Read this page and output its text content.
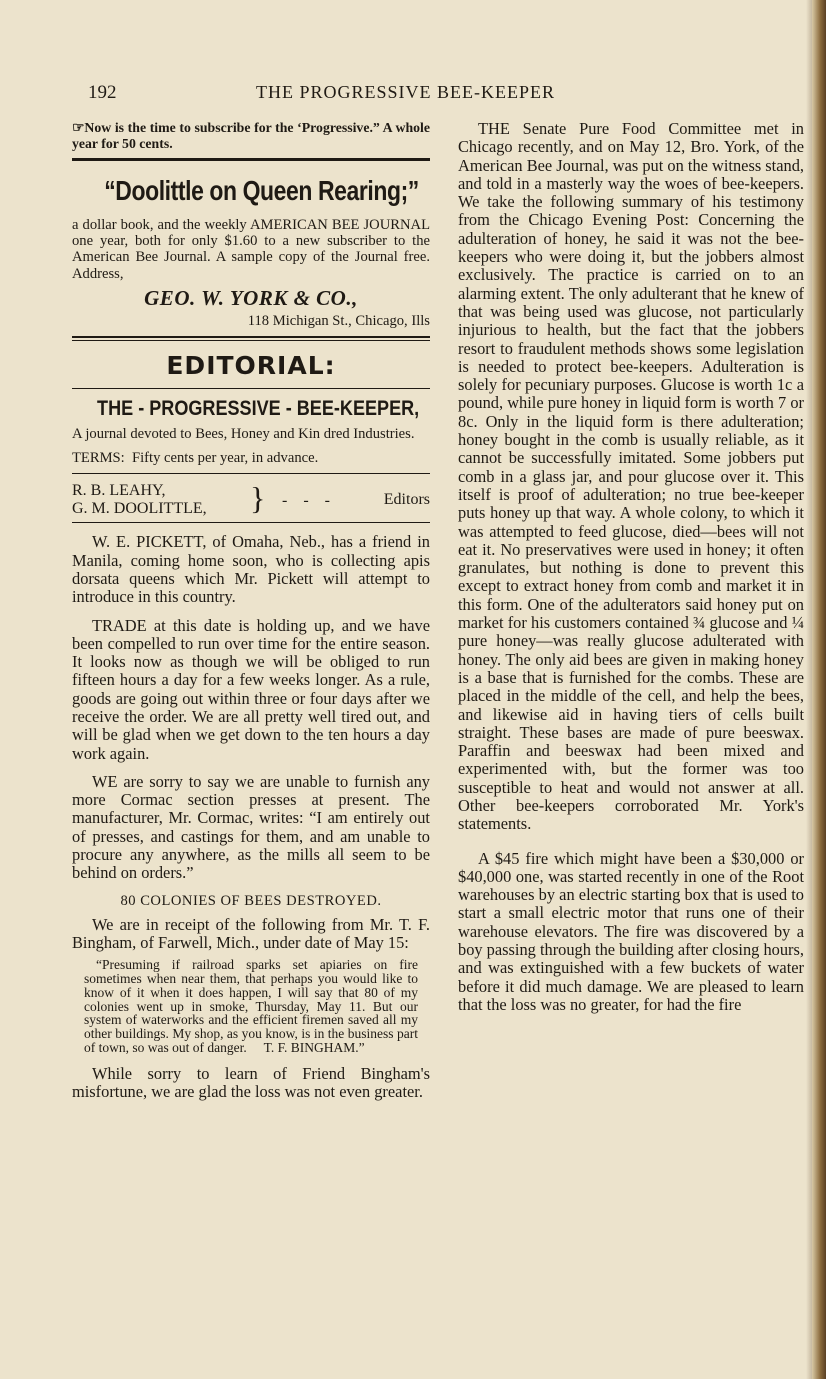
192	THE PROGRESSIVE BEE-KEEPER

☞Now is the time to subscribe for the ‘Progressive.” A whole year for 50 cents.

“Doolittle on Queen Rearing;”

a dollar book, and the weekly AMERICAN BEE JOURNAL one year, both for only $1.60 to a new subscriber to the American Bee Journal. A sample copy of the Journal free. Address,

GEO. W. YORK & CO.,
118 Michigan St., Chicago, Ills
EDITORIAL:
THE - PROGRESSIVE - BEE-KEEPER,

A journal devoted to Bees, Honey and Kin dred Industries.

TERMS: Fifty cents per year, in advance.

R. B. LEAHY,
G. M. DOOLITTLE, } - - -	Editors

W. E. PICKETT, of Omaha, Neb., has a friend in Manila, coming home soon, who is collecting apis dorsata queens which Mr. Pickett will attempt to introduce in this country.

TRADE at this date is holding up, and we have been compelled to run over time for the entire season. It looks now as though we will be obliged to run fifteen hours a day for a few weeks longer. As a rule, goods are going out within three or four days after we receive the order. We are all pretty well tired out, and will be glad when we get down to the ten hours a day work again.

WE are sorry to say we are unable to furnish any more Cormac section presses at present. The manufacturer, Mr. Cormac, writes: “I am entirely out of presses, and castings for them, and am unable to procure any anywhere, as the mills all seem to be behind on orders.”

80 COLONIES OF BEES DESTROYED.

We are in receipt of the following from Mr. T. F. Bingham, of Farwell, Mich., under date of May 15:

“Presuming if railroad sparks set apiaries on fire sometimes when near them, that perhaps you would like to know of it when it does happen, I will say that 80 of my colonies went up in smoke, Thursday, May 11. But our system of waterworks and the efficient firemen saved all my other buildings. My shop, as you know, is in the business part of town, so was out of danger. T. F. BINGHAM.”

While sorry to learn of Friend Bingham's misfortune, we are glad the loss was not even greater.

THE Senate Pure Food Committee met in Chicago recently, and on May 12, Bro. York, of the American Bee Journal, was put on the witness stand, and told in a masterly way the woes of bee-keepers. We take the following summary of his testimony from the Chicago Evening Post: Concerning the adulteration of honey, he said it was not the bee-keepers who were doing it, but the jobbers almost exclusively. The practice is carried on to an alarming extent. The only adulterant that he knew of that was being used was glucose, not particularly injurious to health, but the fact that the jobbers resort to fraudulent methods shows some legislation is needed to protect bee-keepers. Adulteration is solely for pecuniary purposes. Glucose is worth 1c a pound, while pure honey in liquid form is worth 7 or 8c. Only in the liquid form is there adulteration; honey bought in the comb is usually reliable, as it cannot be successfully imitated. Some jobbers put comb in a glass jar, and pour glucose over it. This itself is proof of adulteration; no true bee-keeper puts honey up that way. A whole colony, to which it was attempted to feed glucose, died—bees will not eat it. No preservatives were used in honey; it often granulates, but nothing is done to prevent this except to extract honey from comb and market it in this form. One of the adulterators said honey put on market for his customers contained ¾ glucose and ¼ pure honey—was really glucose adulterated with honey. The only aid bees are given in making honey is a base that is furnished for the combs. These are placed in the middle of the cell, and help the bees, and likewise aid in having tiers of cells built straight. These bases are made of pure beeswax. Paraffin and beeswax had been mixed and experimented with, but the former was too susceptible to heat and would not answer at all. Other bee-keepers corroborated Mr. York's statements.

A $45 fire which might have been a $30,000 or $40,000 one, was started recently in one of the Root warehouses by an electric starting box that is used to start a small electric motor that runs one of their warehouse elevators. The fire was discovered by a boy passing through the building after closing hours, and was extinguished with a few buckets of water before it did much damage. We are pleased to learn that the loss was no greater, for had the fire
